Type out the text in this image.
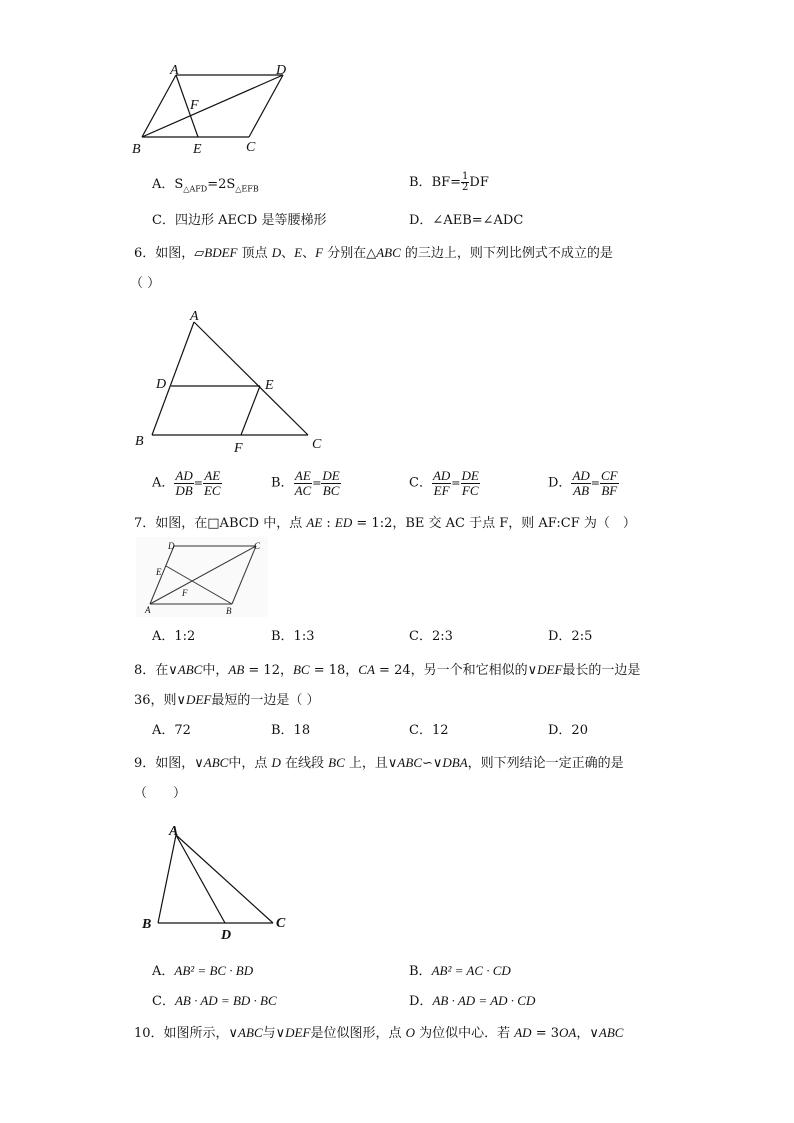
A	D
F
B	E	C
A．$S_{\triangle AFD}=2S_{\triangle EFB}$	B．$BF= \frac{1}{2}$ DF
C．四边形 AECD 是等腰梯形	D．∠AEB=∠ADC
6．如图，▱BDEF 顶点 D、E、F 分别在△ABC 的三边上，则下列比例式不成立的是
（ ）
A
D	E
B	F	C
A． $\frac{AD}{DB} = \frac{AE}{EC}$	B． $\frac{AE}{AC} = \frac{DE}{BC}$	C． $\frac{AD}{EF} = \frac{DE}{FC}$	D． $\frac{AD}{AB} = \frac{CF}{BF}$
7．如图，在□ABCD 中，点 AE : ED = 1:2，BE 交 AC 于点 F，则 AF:CF 为（　）
D	C
E
F
A	B
A．1:2	B．1:3	C．2:3	D．2:5
8．在∨ABC中，AB = 12，BC = 18，CA = 24，另一个和它相似的∨DEF最长的一边是
36，则∨DEF最短的一边是（ ）
A．72	B．18	C．12	D．20
9．如图，∨ABC中，点 D 在线段 BC 上，且∨ABC∽∨DBA，则下列结论一定正确的是
（　　）
A
B
D
C
A．AB² = BC · BD	B．AB² = AC · CD
C．AB · AD = BD · BC	D．AB · AD = AD · CD
10．如图所示，∨ABC与∨DEF是位似图形，点 O 为位似中心．若 AD = 3OA，∨ABC
